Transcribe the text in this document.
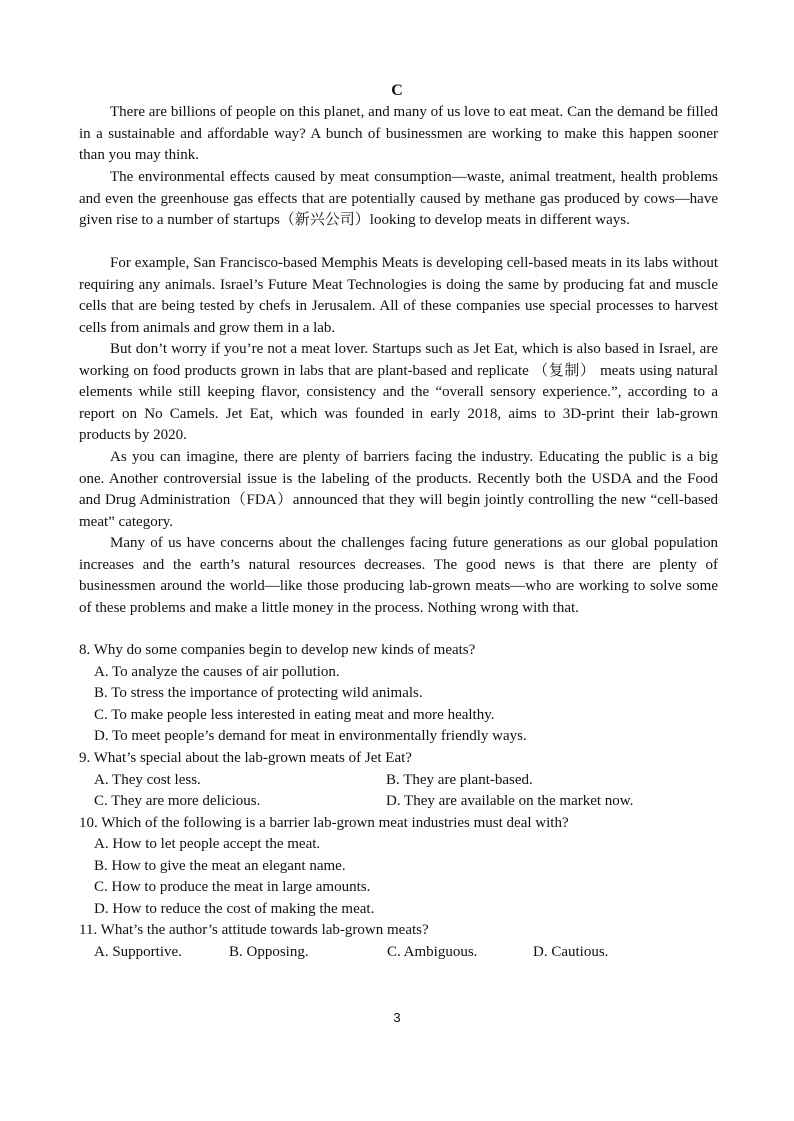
C

There are billions of people on this planet, and many of us love to eat meat. Can the demand be filled in a sustainable and affordable way? A bunch of businessmen are working to make this happen sooner than you may think.

The environmental effects caused by meat consumption—waste, animal treatment, health problems and even the greenhouse gas effects that are potentially caused by methane gas produced by cows—have given rise to a number of startups（新兴公司）looking to develop meats in different ways.

For example, San Francisco-based Memphis Meats is developing cell-based meats in its labs without requiring any animals. Israel’s Future Meat Technologies is doing the same by producing fat and muscle cells that are being tested by chefs in Jerusalem. All of these companies use special processes to harvest cells from animals and grow them in a lab.

But don’t worry if you’re not a meat lover. Startups such as Jet Eat, which is also based in Israel, are working on food products grown in labs that are plant-based and replicate （复制） meats using natural elements while still keeping flavor, consistency and the “overall sensory experience.”, according to a report on No Camels. Jet Eat, which was founded in early 2018, aims to 3D-print their lab-grown products by 2020.

As you can imagine, there are plenty of barriers facing the industry. Educating the public is a big one. Another controversial issue is the labeling of the products. Recently both the USDA and the Food and Drug Administration（FDA）announced that they will begin jointly controlling the new “cell-based meat” category.

Many of us have concerns about the challenges facing future generations as our global population increases and the earth’s natural resources decreases. The good news is that there are plenty of businessmen around the world—like those producing lab-grown meats—who are working to solve some of these problems and make a little money in the process. Nothing wrong with that.

8. Why do some companies begin to develop new kinds of meats?
A. To analyze the causes of air pollution.
B. To stress the importance of protecting wild animals.
C. To make people less interested in eating meat and more healthy.
D. To meet people’s demand for meat in environmentally friendly ways.
9. What’s special about the lab-grown meats of Jet Eat?
A. They cost less.	B. They are plant-based.
C. They are more delicious.	D. They are available on the market now.
10. Which of the following is a barrier lab-grown meat industries must deal with?
A. How to let people accept the meat.
B. How to give the meat an elegant name.
C. How to produce the meat in large amounts.
D. How to reduce the cost of making the meat.
11. What’s the author’s attitude towards lab-grown meats?
A. Supportive.	B. Opposing.	C. Ambiguous.	D. Cautious.
3
